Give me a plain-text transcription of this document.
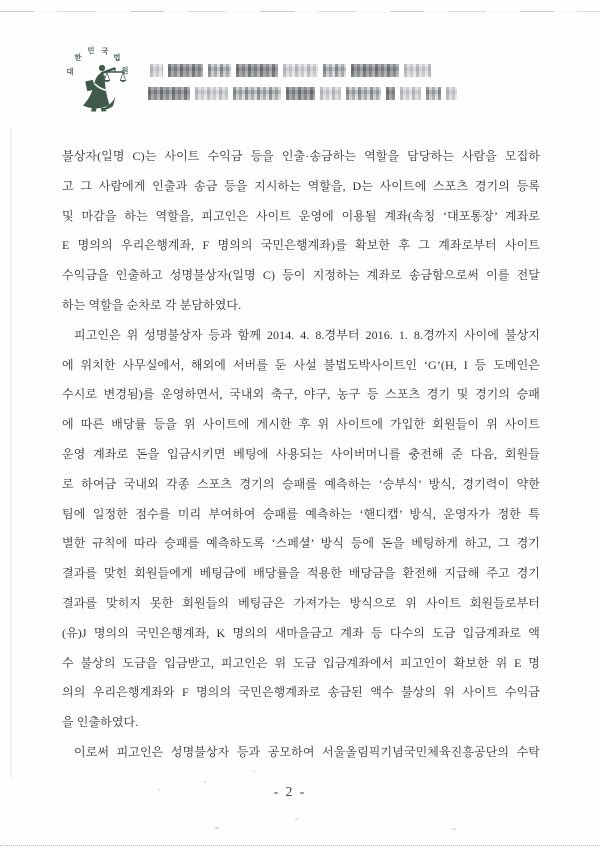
대
한
민 국
법
원
불상자(일명 C)는 사이트 수익금 등을 인출·송금하는 역할을 담당하는 사람을 모집하
고 그 사람에게 인출과 송금 등을 지시하는 역할을, D는 사이트에 스포츠 경기의 등록
및 마감을 하는 역할을, 피고인은 사이트 운영에 이용될 계좌(속칭 ‘대포통장’ 계좌로
E 명의의 우리은행계좌, F 명의의 국민은행계좌)를 확보한 후 그 계좌로부터 사이트
수익금을 인출하고 성명불상자(일명 C) 등이 지정하는 계좌로 송금함으로써 이를 전달
하는 역할을 순차로 각 분담하였다.
피고인은 위 성명불상자 등과 함께 2014. 4. 8.경부터 2016. 1. 8.경까지 사이에 불상지
에 위치한 사무실에서, 해외에 서버를 둔 사설 불법도박사이트인 ‘G’(H, I 등 도메인은
수시로 변경됨)를 운영하면서, 국내외 축구, 야구, 농구 등 스포츠 경기 및 경기의 승패
에 따른 배당률 등을 위 사이트에 게시한 후 위 사이트에 가입한 회원들이 위 사이트
운영 계좌로 돈을 입금시키면 베팅에 사용되는 사이버머니를 충전해 준 다음, 회원들
로 하여금 국내외 각종 스포츠 경기의 승패를 예측하는 ‘승부식’ 방식, 경기력이 약한
팀에 일정한 점수를 미리 부여하여 승패를 예측하는 ‘핸디캡’ 방식, 운영자가 정한 특
별한 규칙에 따라 승패를 예측하도록 ‘스페셜’ 방식 등에 돈을 베팅하게 하고, 그 경기
결과를 맞힌 회원들에게 베팅금에 배당률을 적용한 배당금을 환전해 지급해 주고 경기
결과를 맞히지 못한 회원들의 베팅금은 가져가는 방식으로 위 사이트 회원들로부터
(유)J 명의의 국민은행계좌, K 명의의 새마을금고 계좌 등 다수의 도금 입금계좌로 액
수 불상의 도금을 입금받고, 피고인은 위 도금 입금계좌에서 피고인이 확보한 위 E 명
의의 우리은행계좌와 F 명의의 국민은행계좌로 송금된 액수 불상의 위 사이트 수익금
을 인출하였다.
이로써 피고인은 성명불상자 등과 공모하여 서울올림픽기념국민체육진흥공단의 수탁
- 2 -
